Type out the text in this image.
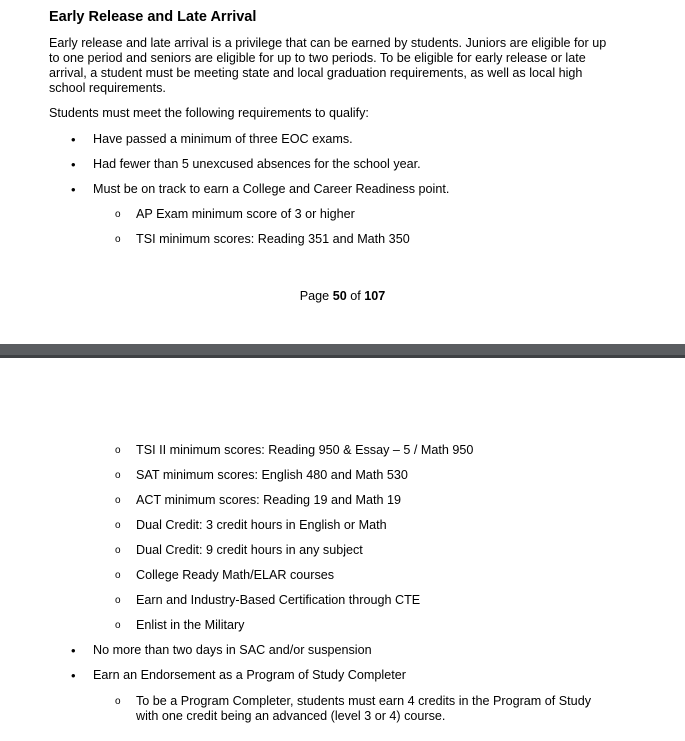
Early Release and Late Arrival

Early release and late arrival is a privilege that can be earned by students. Juniors are eligible for up to one period and seniors are eligible for up to two periods. To be eligible for early release or late arrival, a student must be meeting state and local graduation requirements, as well as local high school requirements.

Students must meet the following requirements to qualify:

• Have passed a minimum of three EOC exams.

• Had fewer than 5 unexcused absences for the school year.

• Must be on track to earn a College and Career Readiness point.

o AP Exam minimum score of 3 or higher

o TSI minimum scores: Reading 351 and Math 350

Page 50 of 107

o TSI II minimum scores: Reading 950 & Essay – 5 / Math 950

o SAT minimum scores: English 480 and Math 530

o ACT minimum scores: Reading 19 and Math 19

o Dual Credit: 3 credit hours in English or Math

o Dual Credit: 9 credit hours in any subject

o College Ready Math/ELAR courses

o Earn and Industry-Based Certification through CTE

o Enlist in the Military

• No more than two days in SAC and/or suspension

• Earn an Endorsement as a Program of Study Completer

o To be a Program Completer, students must earn 4 credits in the Program of Study with one credit being an advanced (level 3 or 4) course.
